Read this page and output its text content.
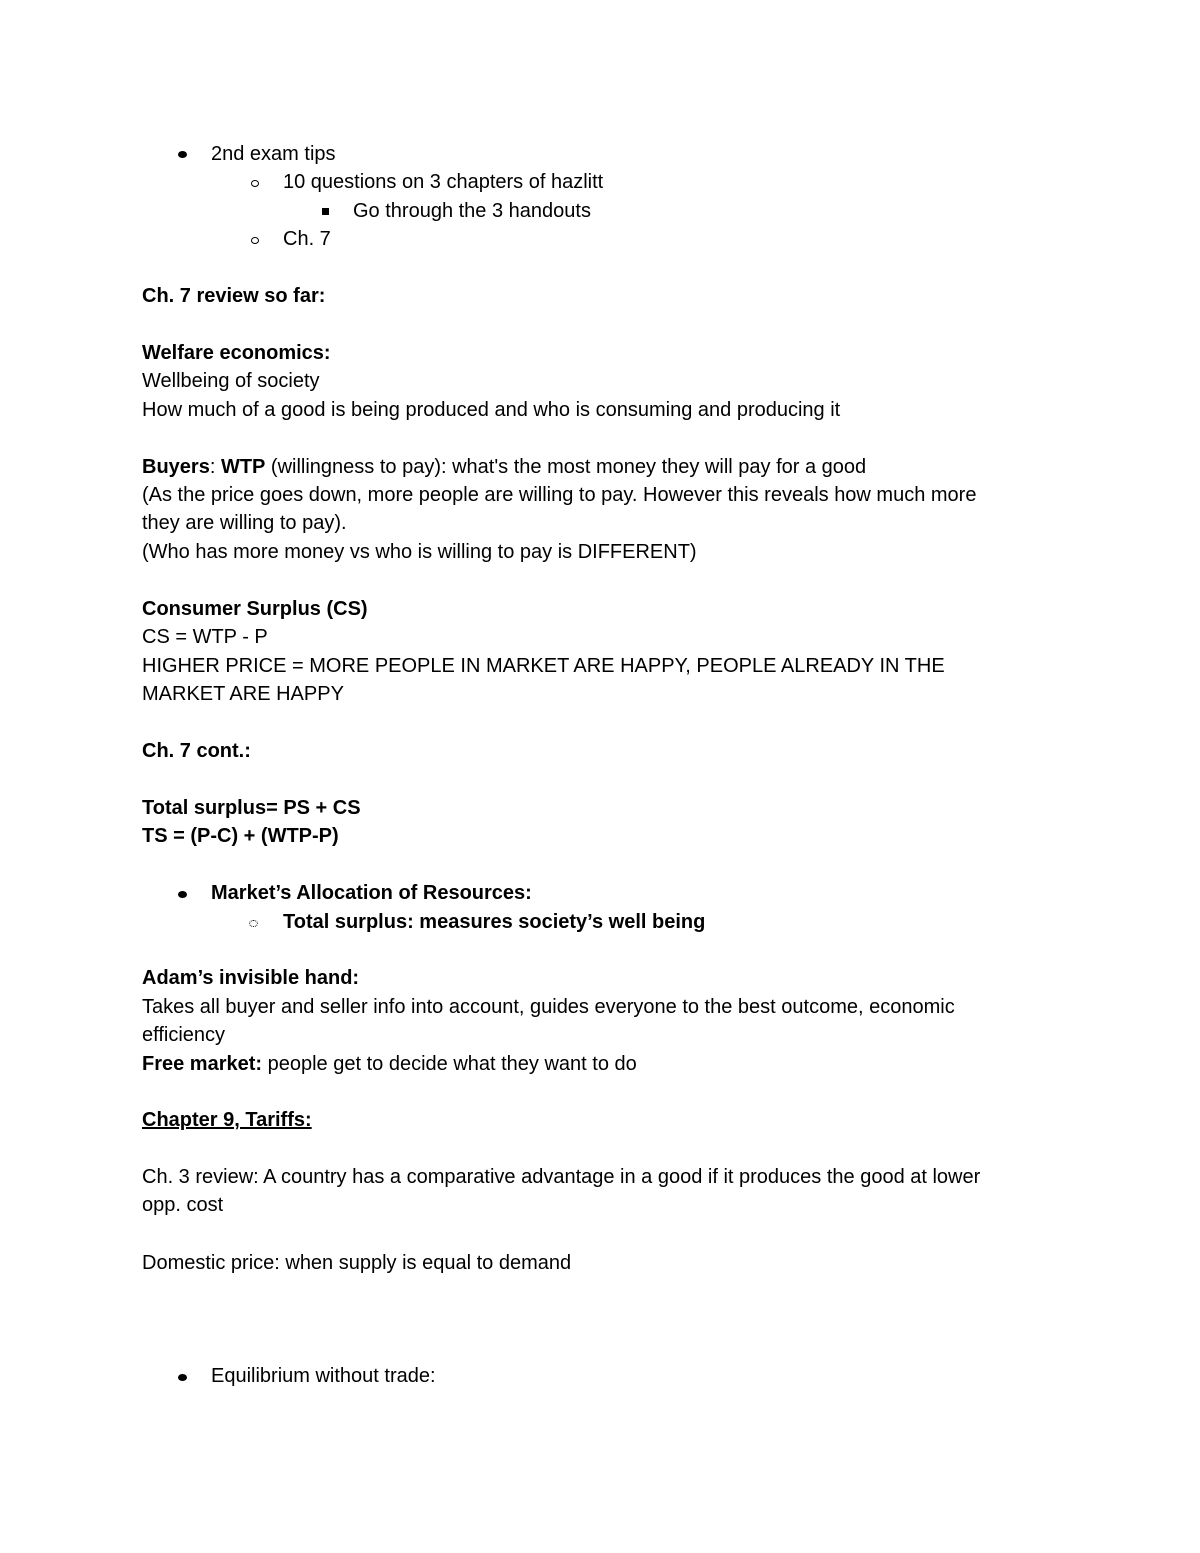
2nd exam tips
10 questions on 3 chapters of hazlitt
Go through the 3 handouts
Ch. 7
Ch. 7 review so far:
Welfare economics:
Wellbeing of society
How much of a good is being produced and who is consuming and producing it
Buyers: WTP (willingness to pay): what's the most money they will pay for a good
(As the price goes down, more people are willing to pay. However this reveals how much more
they are willing to pay).
(Who has more money vs who is willing to pay is DIFFERENT)
Consumer Surplus (CS)
CS = WTP - P
HIGHER PRICE = MORE PEOPLE IN MARKET ARE HAPPY, PEOPLE ALREADY IN THE
MARKET ARE HAPPY
Ch. 7 cont.:
Total surplus= PS + CS
TS = (P-C) + (WTP-P)
Market’s Allocation of Resources:
Total surplus: measures society’s well being
Adam’s invisible hand:
Takes all buyer and seller info into account, guides everyone to the best outcome, economic
efficiency
Free market: people get to decide what they want to do
Chapter 9, Tariffs:
Ch. 3 review: A country has a comparative advantage in a good if it produces the good at lower
opp. cost
Domestic price: when supply is equal to demand
Equilibrium without trade:
